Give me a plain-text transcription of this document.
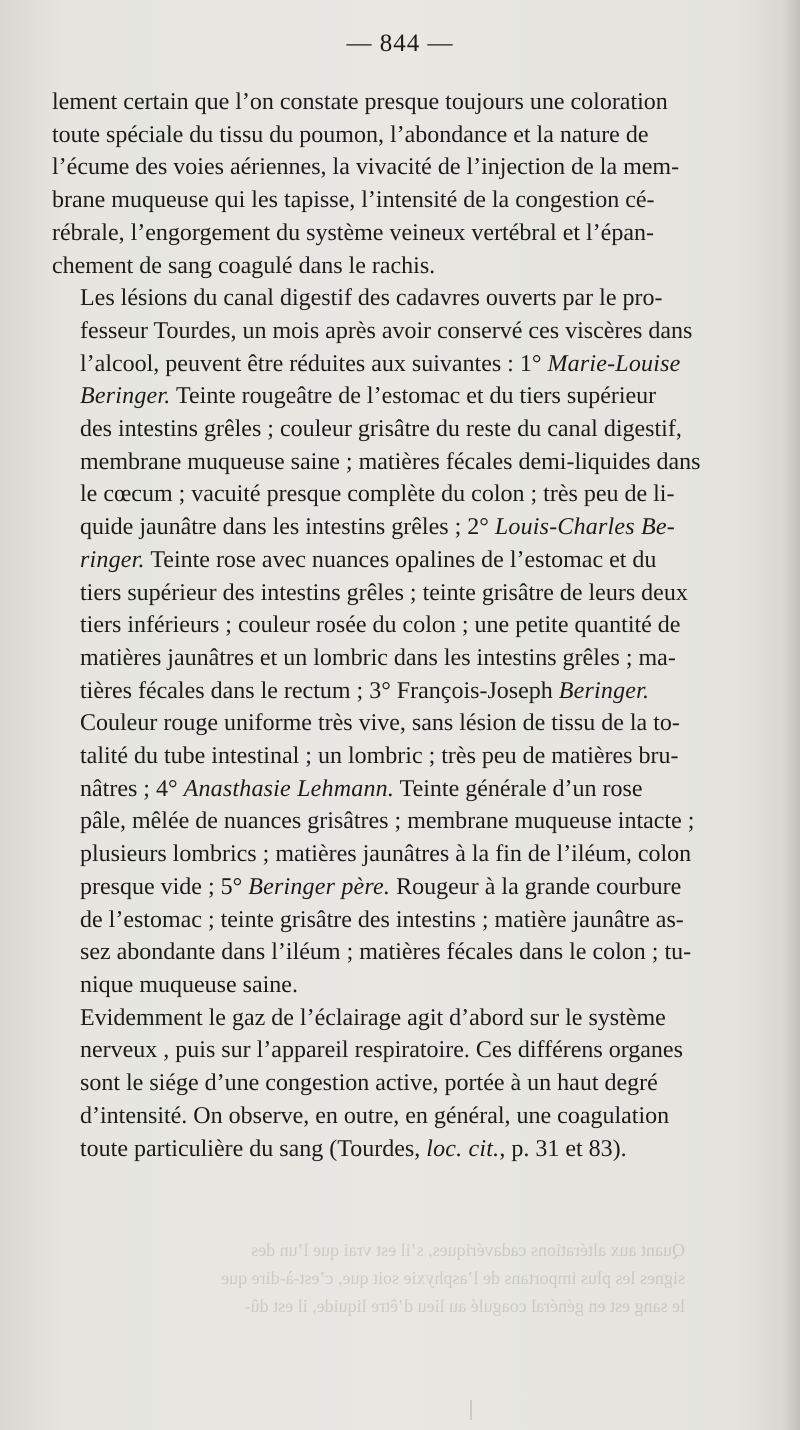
Quant aux altérations cadavériques, s’il est vrai que l’un des
signes les plus importans de l’asphyxie soit que, c’est-à-dire que
le sang est en général coagulé au lieu d’être liquide, il est dû-
— 844 —

lement certain que l’on constate presque toujours une coloration
toute spéciale du tissu du poumon, l’abondance et la nature de
l’écume des voies aériennes, la vivacité de l’injection de la mem-
brane muqueuse qui les tapisse, l’intensité de la congestion cé-
rébrale, l’engorgement du système veineux vertébral et l’épan-
chement de sang coagulé dans le rachis.

Les lésions du canal digestif des cadavres ouverts par le pro-
fesseur Tourdes, un mois après avoir conservé ces viscères dans
l’alcool, peuvent être réduites aux suivantes : 1° Marie-Louise
Beringer. Teinte rougeâtre de l’estomac et du tiers supérieur
des intestins grêles ; couleur grisâtre du reste du canal digestif,
membrane muqueuse saine ; matières fécales demi-liquides dans
le cœcum ; vacuité presque complète du colon ; très peu de li-
quide jaunâtre dans les intestins grêles ; 2° Louis-Charles Be-
ringer. Teinte rose avec nuances opalines de l’estomac et du
tiers supérieur des intestins grêles ; teinte grisâtre de leurs deux
tiers inférieurs ; couleur rosée du colon ; une petite quantité de
matières jaunâtres et un lombric dans les intestins grêles ; ma-
tières fécales dans le rectum ; 3° François-Joseph Beringer.
Couleur rouge uniforme très vive, sans lésion de tissu de la to-
talité du tube intestinal ; un lombric ; très peu de matières bru-
nâtres ; 4° Anasthasie Lehmann. Teinte générale d’un rose
pâle, mêlée de nuances grisâtres ; membrane muqueuse intacte ;
plusieurs lombrics ; matières jaunâtres à la fin de l’iléum, colon
presque vide ; 5° Beringer père. Rougeur à la grande courbure
de l’estomac ; teinte grisâtre des intestins ; matière jaunâtre as-
sez abondante dans l’iléum ; matières fécales dans le colon ; tu-
nique muqueuse saine.

Evidemment le gaz de l’éclairage agit d’abord sur le système
nerveux , puis sur l’appareil respiratoire. Ces différens organes
sont le siége d’une congestion active, portée à un haut degré
d’intensité. On observe, en outre, en général, une coagulation
toute particulière du sang (Tourdes, loc. cit., p. 31 et 83).
